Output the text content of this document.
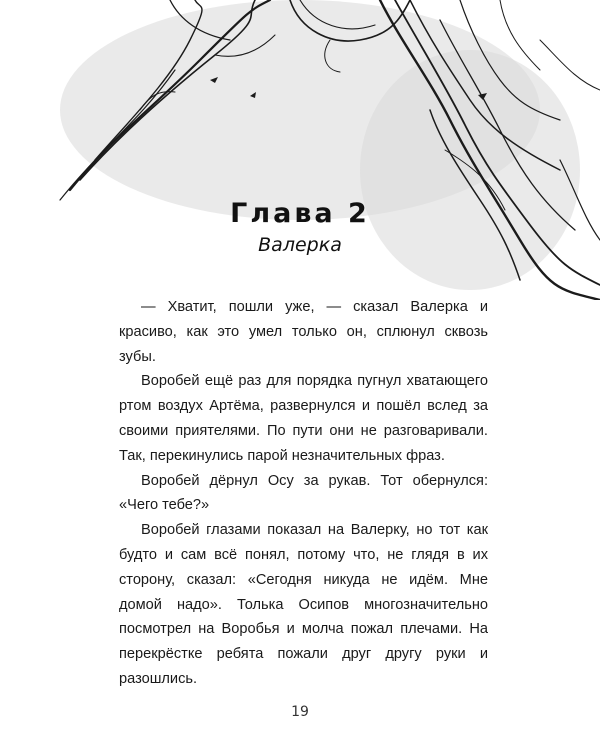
Глава 2
Валерка

— Хватит, пошли уже, — сказал Валерка и красиво, как это умел только он, сплюнул сквозь зубы.

Воробей ещё раз для порядка пугнул хватающего ртом воздух Артёма, развернулся и пошёл вслед за своими приятелями. По пути они не разговаривали. Так, перекинулись парой незначительных фраз.

Воробей дёрнул Осу за рукав. Тот обернулся: «Чего тебе?»

Воробей глазами показал на Валерку, но тот как будто и сам всё понял, потому что, не глядя в их сторону, сказал: «Сегодня никуда не идём. Мне домой надо». Толька Осипов многозначительно посмотрел на Воробья и молча пожал плечами. На перекрёстке ребята пожали друг другу руки и разошлись.

19
